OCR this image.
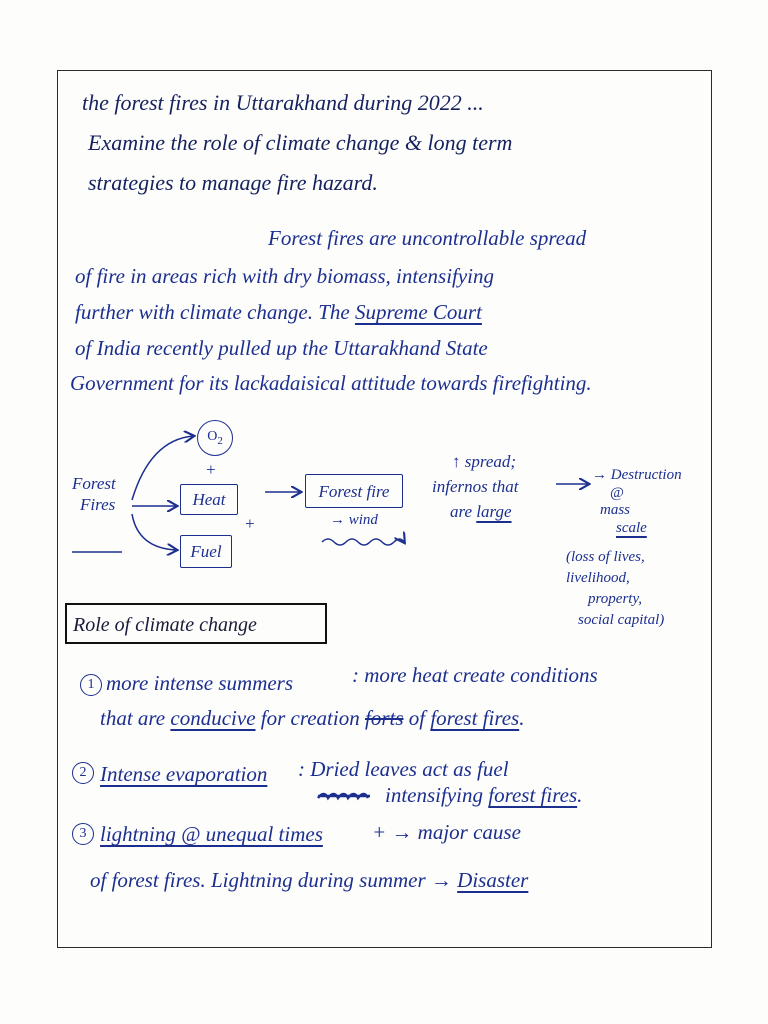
the forest fires in Uttarakhand during 2022 ...
Examine the role of climate change & long term
strategies to manage fire hazard.
Forest fires are uncontrollable spread
of fire in areas rich with dry biomass, intensifying
further with climate change. The Supreme Court
of India recently pulled up the Uttarakhand State
Government for its lackadaisical attitude towards firefighting.
Forest
Fires
$O_2$
+
Heat
+
Fuel
Forest fire
→ wind
↑ spread;
infernos that
are large
→ Destruction
@
mass
scale
(loss of lives,
livelihood,
property,
social capital)
Role of climate change
1 more intense summers	: more heat create conditions
that are conducive for creation forts of forest fires.
2 Intense evaporation : Dried leaves act as fuel
intensifying forest fires.
3 lightning @ unequal times + → major cause
of forest fires. Lightning during summer → Disaster
